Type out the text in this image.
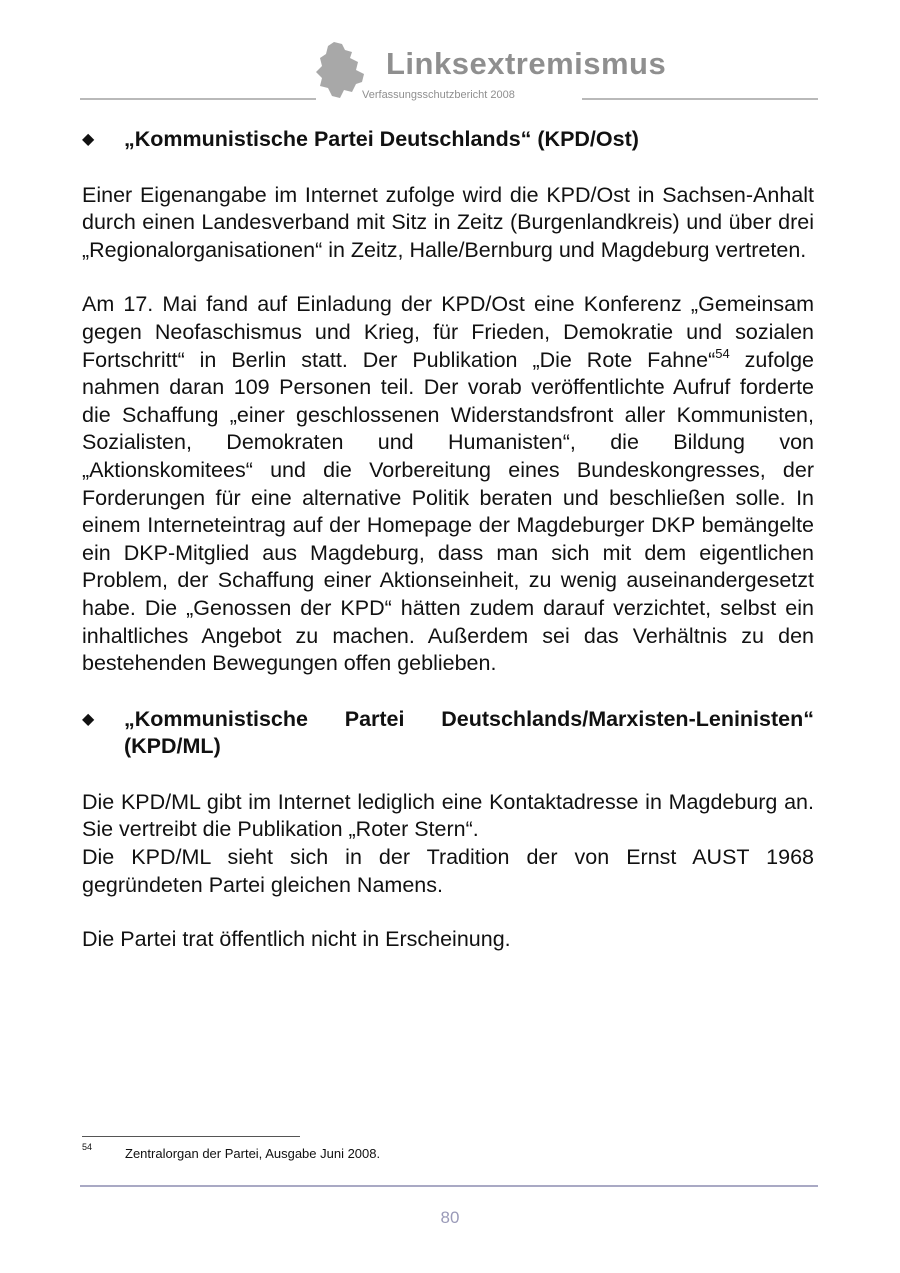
Linksextremismus
Verfassungsschutzbericht 2008

◆ „Kommunistische Partei Deutschlands“ (KPD/Ost)

Einer Eigenangabe im Internet zufolge wird die KPD/Ost in Sachsen-Anhalt durch einen Landesverband mit Sitz in Zeitz (Burgenlandkreis) und über drei „Regionalorganisationen“ in Zeitz, Halle/Bernburg und Magdeburg vertreten.

Am 17. Mai fand auf Einladung der KPD/Ost eine Konferenz „Gemeinsam gegen Neofaschismus und Krieg, für Frieden, Demokratie und sozialen Fortschritt“ in Berlin statt. Der Publikation „Die Rote Fahne“$^{54}$ zufolge nahmen daran 109 Personen teil. Der vorab veröffentlichte Aufruf forderte die Schaffung „einer geschlossenen Widerstandsfront aller Kommunisten, Sozialisten, Demokraten und Humanisten“, die Bildung von „Aktionskomitees“ und die Vorbereitung eines Bundeskongresses, der Forderungen für eine alternative Politik beraten und beschließen solle. In einem Interneteintrag auf der Homepage der Magdeburger DKP bemängelte ein DKP-Mitglied aus Magdeburg, dass man sich mit dem eigentlichen Problem, der Schaffung einer Aktionseinheit, zu wenig auseinandergesetzt habe. Die „Genossen der KPD“ hätten zudem darauf verzichtet, selbst ein inhaltliches Angebot zu machen. Außerdem sei das Verhältnis zu den bestehenden Bewegungen offen geblieben.

◆ „Kommunistische Partei Deutschlands/Marxisten-Leninisten“ (KPD/ML)

Die KPD/ML gibt im Internet lediglich eine Kontaktadresse in Magdeburg an. Sie vertreibt die Publikation „Roter Stern“.

Die KPD/ML sieht sich in der Tradition der von Ernst AUST 1968 gegründeten Partei gleichen Namens.

Die Partei trat öffentlich nicht in Erscheinung.

54	Zentralorgan der Partei, Ausgabe Juni 2008.
80
